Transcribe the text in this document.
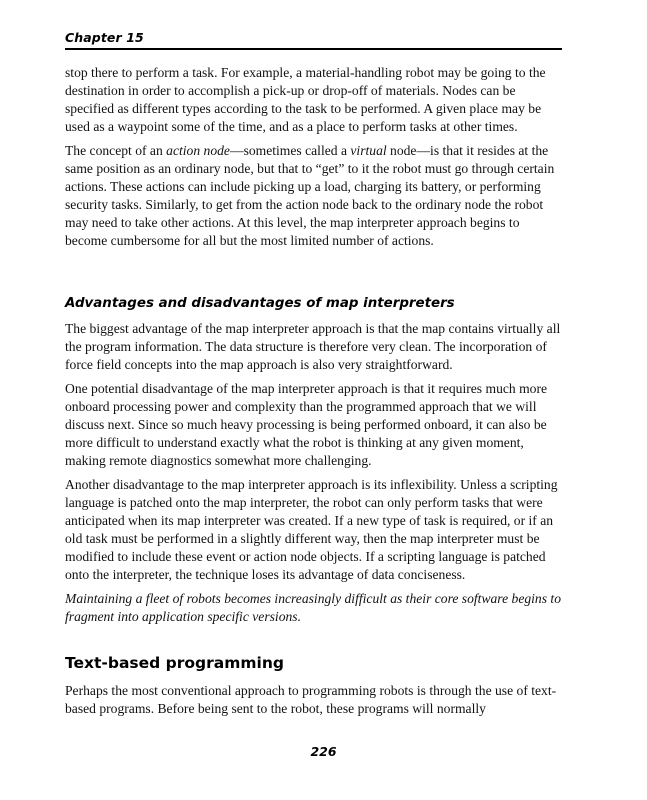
Chapter 15

stop there to perform a task. For example, a material-handling robot may be going to the destination in order to accomplish a pick-up or drop-off of materials. Nodes can be specified as different types according to the task to be performed. A given place may be used as a waypoint some of the time, and as a place to perform tasks at other times.

The concept of an action node—sometimes called a virtual node—is that it resides at the same position as an ordinary node, but that to “get” to it the robot must go through certain actions. These actions can include picking up a load, charging its battery, or performing security tasks. Similarly, to get from the action node back to the ordinary node the robot may need to take other actions. At this level, the map interpreter approach begins to become cumbersome for all but the most limited number of actions.

Advantages and disadvantages of map interpreters

The biggest advantage of the map interpreter approach is that the map contains virtually all the program information. The data structure is therefore very clean. The incorporation of force field concepts into the map approach is also very straightforward.

One potential disadvantage of the map interpreter approach is that it requires much more onboard processing power and complexity than the programmed approach that we will discuss next. Since so much heavy processing is being performed onboard, it can also be more difficult to understand exactly what the robot is thinking at any given moment, making remote diagnostics somewhat more challenging.

Another disadvantage to the map interpreter approach is its inflexibility. Unless a scripting language is patched onto the map interpreter, the robot can only perform tasks that were anticipated when its map interpreter was created. If a new type of task is required, or if an old task must be performed in a slightly different way, then the map interpreter must be modified to include these event or action node objects. If a scripting language is patched onto the interpreter, the technique loses its advantage of data conciseness.

Maintaining a fleet of robots becomes increasingly difficult as their core software begins to fragment into application specific versions.

Text-based programming

Perhaps the most conventional approach to programming robots is through the use of text-based programs. Before being sent to the robot, these programs will normally

226
